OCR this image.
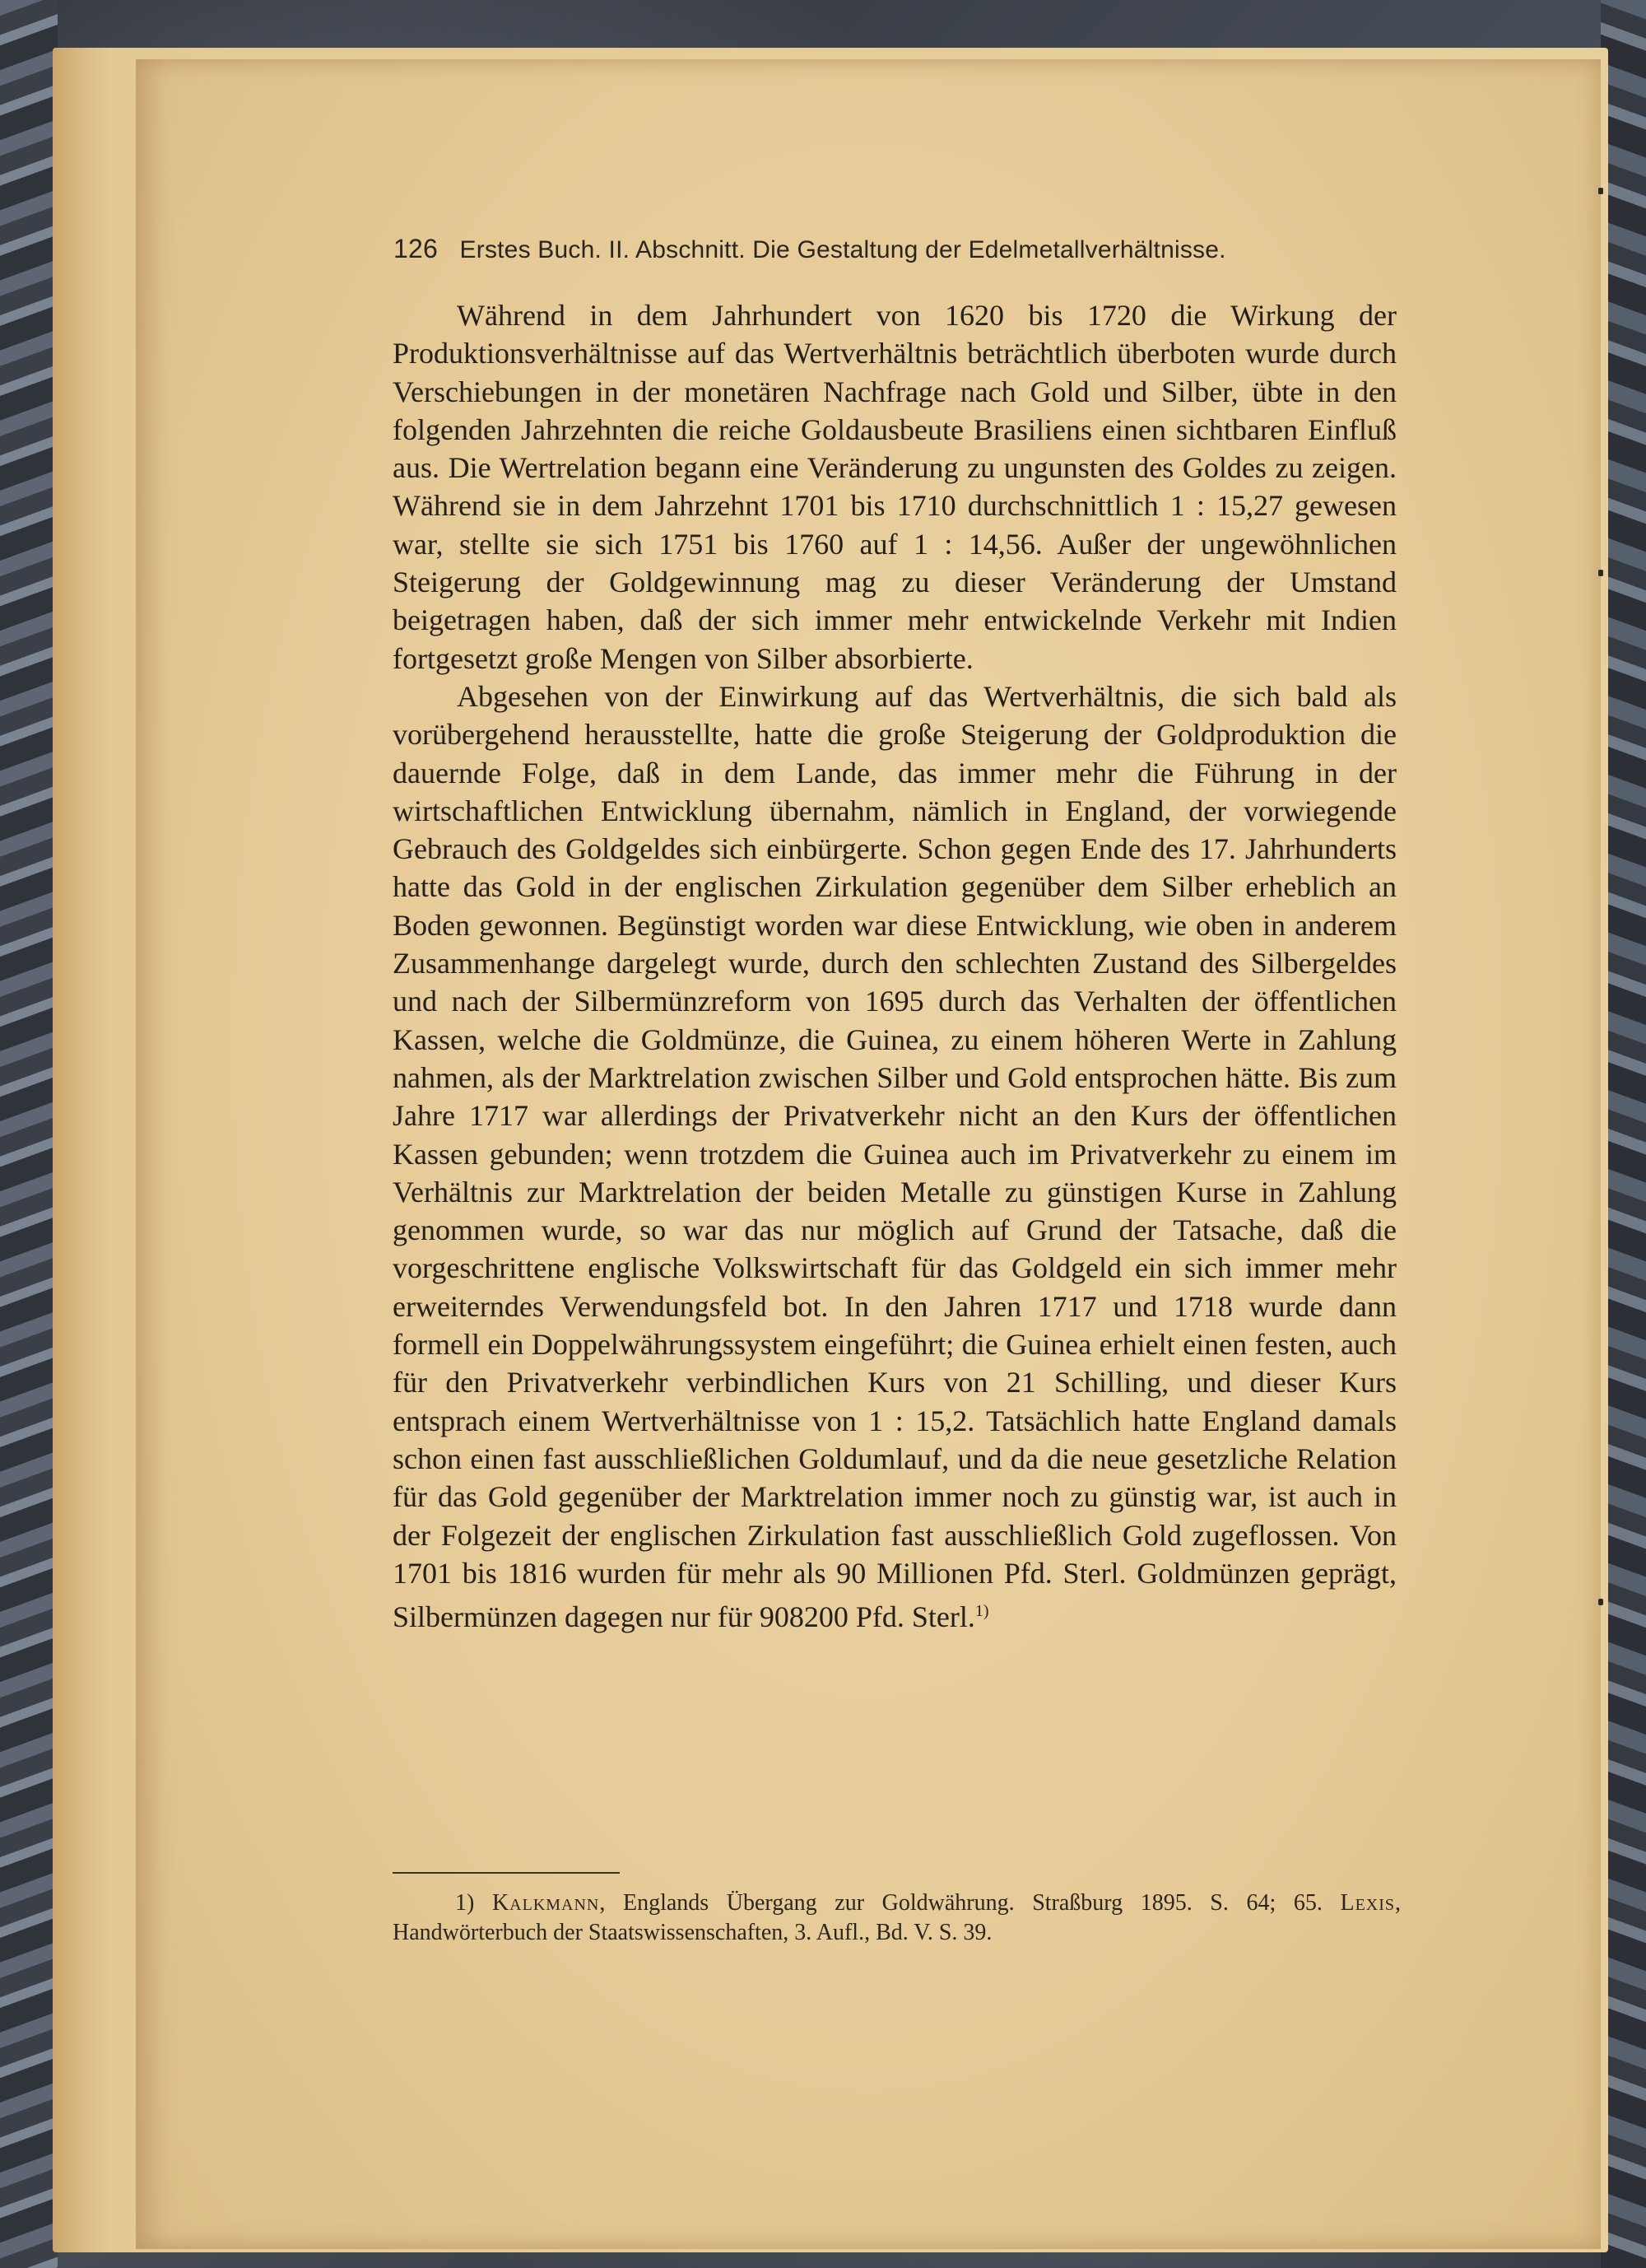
126 Erstes Buch. II. Abschnitt. Die Gestaltung der Edelmetallverhältnisse.

Während in dem Jahrhundert von 1620 bis 1720 die Wirkung der Produktionsverhältnisse auf das Wertverhältnis beträchtlich überboten wurde durch Verschiebungen in der monetären Nachfrage nach Gold und Silber, übte in den folgenden Jahrzehnten die reiche Goldausbeute Brasiliens einen sichtbaren Einfluß aus. Die Wertrelation begann eine Veränderung zu ungunsten des Goldes zu zeigen. Während sie in dem Jahrzehnt 1701 bis 1710 durchschnittlich 1 : 15,27 gewesen war, stellte sie sich 1751 bis 1760 auf 1 : 14,56. Außer der ungewöhnlichen Steigerung der Goldgewinnung mag zu dieser Veränderung der Umstand beigetragen haben, daß der sich immer mehr entwickelnde Verkehr mit Indien fortgesetzt große Mengen von Silber absorbierte.

Abgesehen von der Einwirkung auf das Wertverhältnis, die sich bald als vorübergehend herausstellte, hatte die große Steigerung der Goldproduktion die dauernde Folge, daß in dem Lande, das immer mehr die Führung in der wirtschaftlichen Entwicklung übernahm, nämlich in England, der vorwiegende Gebrauch des Goldgeldes sich einbürgerte. Schon gegen Ende des 17. Jahrhunderts hatte das Gold in der englischen Zirkulation gegenüber dem Silber erheblich an Boden gewonnen. Begünstigt worden war diese Entwicklung, wie oben in anderem Zusammenhange dargelegt wurde, durch den schlechten Zustand des Silbergeldes und nach der Silbermünzreform von 1695 durch das Verhalten der öffentlichen Kassen, welche die Goldmünze, die Guinea, zu einem höheren Werte in Zahlung nahmen, als der Marktrelation zwischen Silber und Gold entsprochen hätte. Bis zum Jahre 1717 war allerdings der Privatverkehr nicht an den Kurs der öffentlichen Kassen gebunden; wenn trotzdem die Guinea auch im Privatverkehr zu einem im Verhältnis zur Marktrelation der beiden Metalle zu günstigen Kurse in Zahlung genommen wurde, so war das nur möglich auf Grund der Tatsache, daß die vorgeschrittene englische Volkswirtschaft für das Goldgeld ein sich immer mehr erweiterndes Verwendungsfeld bot. In den Jahren 1717 und 1718 wurde dann formell ein Doppelwährungssystem eingeführt; die Guinea erhielt einen festen, auch für den Privatverkehr verbindlichen Kurs von 21 Schilling, und dieser Kurs entsprach einem Wertverhältnisse von 1 : 15,2. Tatsächlich hatte England damals schon einen fast ausschließlichen Goldumlauf, und da die neue gesetzliche Relation für das Gold gegenüber der Marktrelation immer noch zu günstig war, ist auch in der Folgezeit der englischen Zirkulation fast ausschließlich Gold zugeflossen. Von 1701 bis 1816 wurden für mehr als 90 Millionen Pfd. Sterl. Goldmünzen geprägt, Silbermünzen dagegen nur für 908200 Pfd. Sterl.$^{1)}$

1) Kalkmann, Englands Übergang zur Goldwährung. Straßburg 1895. S. 64; 65. Lexis, Handwörterbuch der Staatswissenschaften, 3. Aufl., Bd. V. S. 39.
